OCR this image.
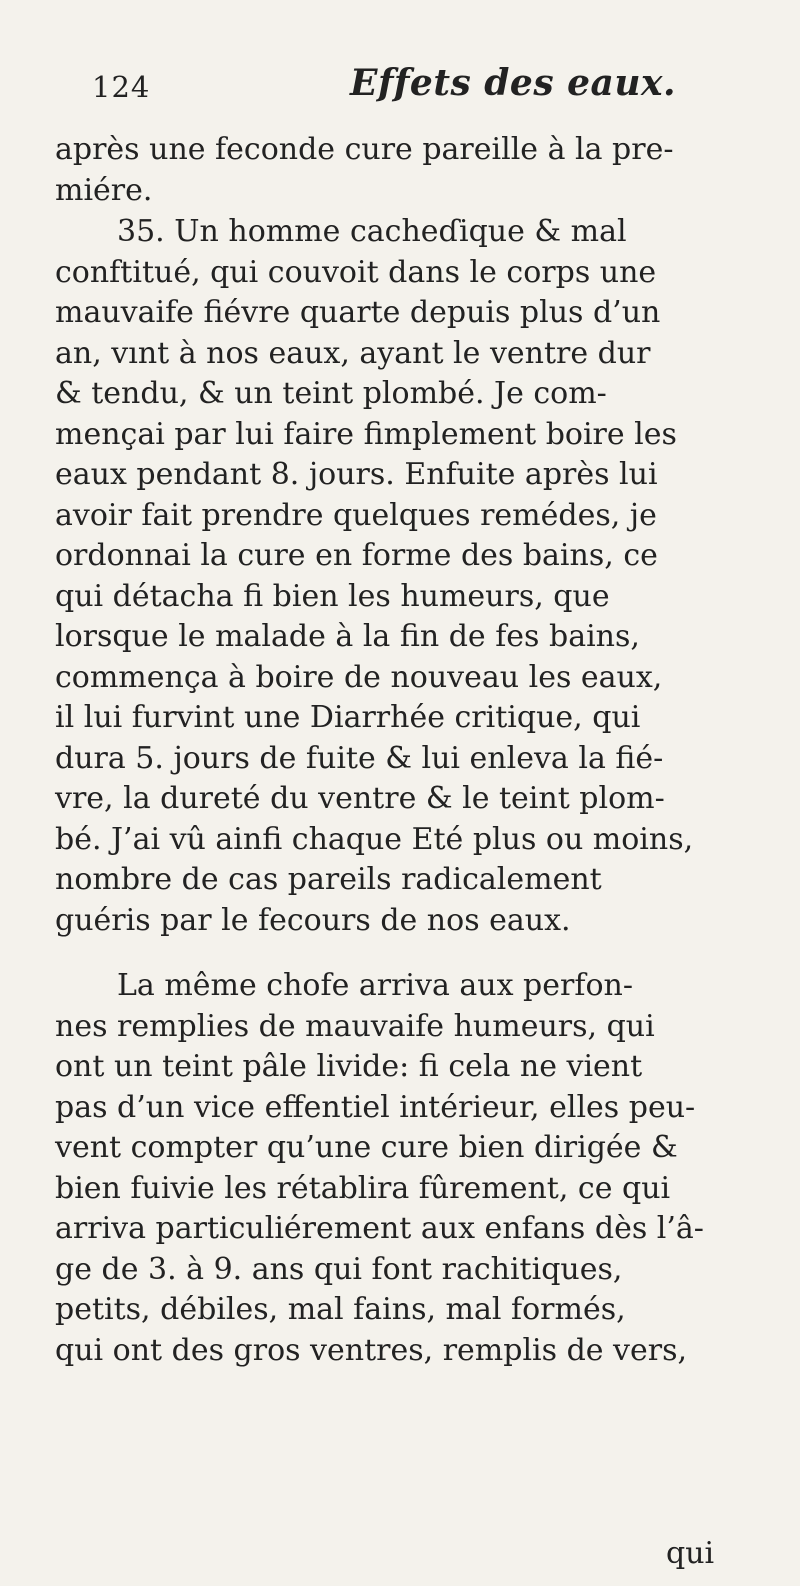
124	Effets des eaux.

après une feconde cure pareille à la pre-
miére.

35. Un homme cacheɗique & mal
conftitué, qui couvoit dans le corps une
mauvaife fiévre quarte depuis plus d’un
an, vınt à nos eaux, ayant le ventre dur
& tendu, & un teint plombé. Je com-
mençai par lui faire fimplement boire les
eaux pendant 8. jours. Enfuite après lui
avoir fait prendre quelques remédes, je
ordonnai la cure en forme des bains, ce
qui détacha fi bien les humeurs, que
lorsque le malade à la fin de fes bains,
commença à boire de nouveau les eaux,
il lui furvint une Diarrhée critique, qui
dura 5. jours de fuite & lui enleva la fié-
vre, la dureté du ventre & le teint plom-
bé. J’ai vû ainfi chaque Eté plus ou moins,
nombre de cas pareils radicalement
guéris par le fecours de nos eaux.

La même chofe arriva aux perfon-
nes remplies de mauvaife humeurs, qui
ont un teint pâle livide: fi cela ne vient
pas d’un vice effentiel intérieur, elles peu-
vent compter qu’une cure bien dirigée &
bien fuivie les rétablira fûrement, ce qui
arriva particuliérement aux enfans dès l’â-
ge de 3. à 9. ans qui font rachitiques,
petits, débiles, mal fains, mal formés,
qui ont des gros ventres, remplis de vers,

qui
